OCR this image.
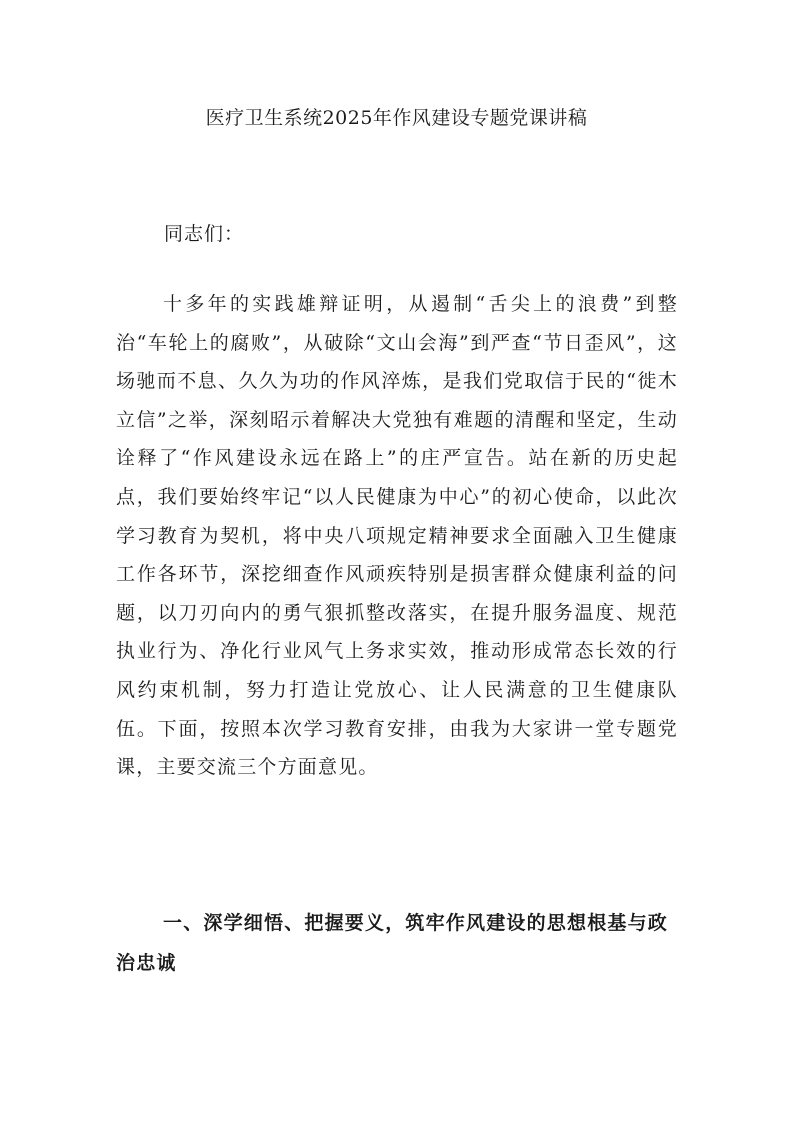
医疗卫生系统2025年作风建设专题党课讲稿
同志们：

十多年的实践雄辩证明，从遏制“舌尖上的浪费”到整治“车轮上的腐败”，从破除“文山会海”到严查“节日歪风”，这场驰而不息、久久为功的作风淬炼，是我们党取信于民的“徙木立信”之举，深刻昭示着解决大党独有难题的清醒和坚定，生动诠释了“作风建设永远在路上”的庄严宣告。站在新的历史起点，我们要始终牢记“以人民健康为中心”的初心使命，以此次学习教育为契机，将中央八项规定精神要求全面融入卫生健康工作各环节，深挖细查作风顽疾特别是损害群众健康利益的问题，以刀刃向内的勇气狠抓整改落实，在提升服务温度、规范执业行为、净化行业风气上务求实效，推动形成常态长效的行风约束机制，努力打造让党放心、让人民满意的卫生健康队伍。下面，按照本次学习教育安排，由我为大家讲一堂专题党课，主要交流三个方面意见。

一、深学细悟、把握要义，筑牢作风建设的思想根基与政治忠诚
